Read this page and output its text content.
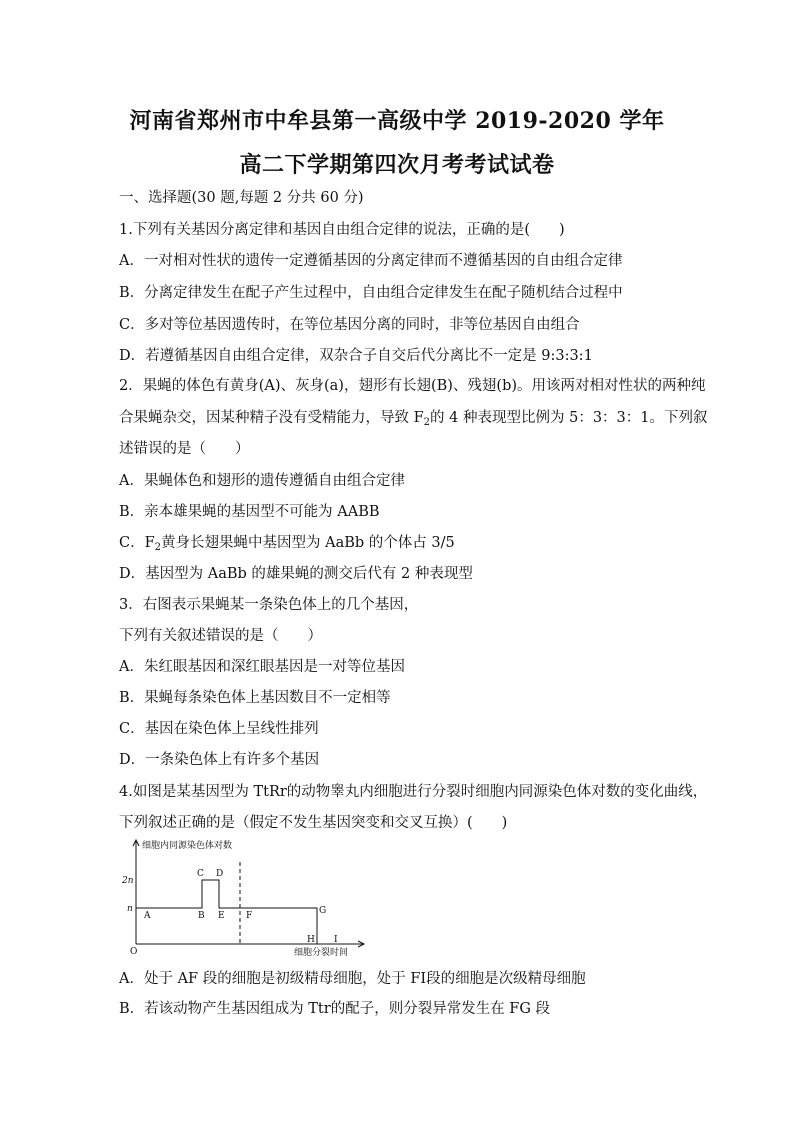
河南省郑州市中牟县第一高级中学 2019-2020 学年
高二下学期第四次月考考试试卷
一、选择题(30 题,每题 2 分共 60 分)
1.下列有关基因分离定律和基因自由组合定律的说法，正确的是(　　)
A．一对相对性状的遗传一定遵循基因的分离定律而不遵循基因的自由组合定律
B．分离定律发生在配子产生过程中，自由组合定律发生在配子随机结合过程中
C．多对等位基因遗传时，在等位基因分离的同时，非等位基因自由组合
D．若遵循基因自由组合定律，双杂合子自交后代分离比不一定是 9:3:3:1
2．果蝇的体色有黄身(A)、灰身(a)，翅形有长翅(B)、残翅(b)。用该两对相对性状的两种纯
合果蝇杂交，因某种精子没有受精能力，导致 $F_2$的 4 种表现型比例为 5：3：3：1。下列叙
述错误的是（　　）
A．果蝇体色和翅形的遗传遵循自由组合定律
B．亲本雄果蝇的基因型不可能为 AABB
C．$F_2$黄身长翅果蝇中基因型为 AaBb 的个体占 3/5
D．基因型为 AaBb 的雄果蝇的测交后代有 2 种表现型
3．右图表示果蝇某一条染色体上的几个基因，
下列有关叙述错误的是（　　）
A．朱红眼基因和深红眼基因是一对等位基因
B．果蝇每条染色体上基因数目不一定相等
C．基因在染色体上呈线性排列
D．一条染色体上有许多个基因
4.如图是某基因型为 TtRr的动物睾丸内细胞进行分裂时细胞内同源染色体对数的变化曲线，
下列叙述正确的是（假定不发生基因突变和交叉互换）(　　)
细胞内同源染色体对数
细胞分裂时间
O
n
2n
A	B
C D
E F	G
H I
A．处于 AF 段的细胞是初级精母细胞，处于 FI段的细胞是次级精母细胞
B．若该动物产生基因组成为 Ttr的配子，则分裂异常发生在 FG 段
